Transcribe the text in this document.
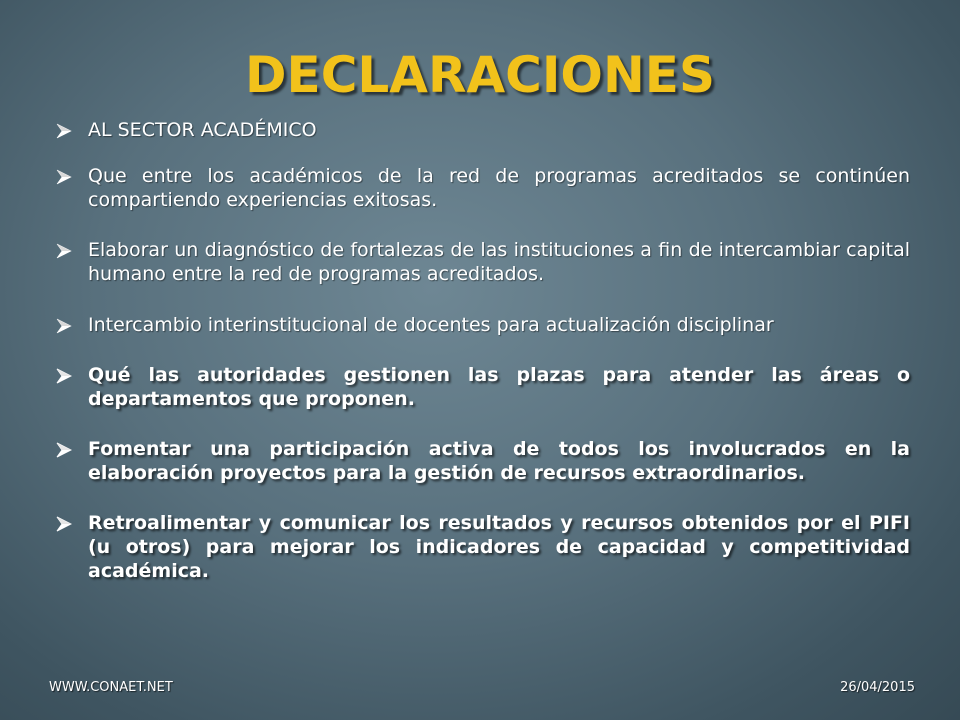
DECLARACIONES
AL SECTOR ACADÉMICO
Que entre los académicos de la red de programas acreditados se continúen compartiendo experiencias exitosas.
Elaborar un diagnóstico de fortalezas de las instituciones a fin de intercambiar capital humano entre la red de programas acreditados.
Intercambio interinstitucional de docentes para actualización disciplinar
Qué las autoridades gestionen las plazas para atender las áreas o departamentos que proponen.
Fomentar una participación activa de todos los involucrados en la elaboración proyectos para la gestión de recursos extraordinarios.
Retroalimentar y comunicar los resultados y recursos obtenidos por el PIFI (u otros) para mejorar los indicadores de capacidad y competitividad académica.
WWW.CONAET.NET	26/04/2015
